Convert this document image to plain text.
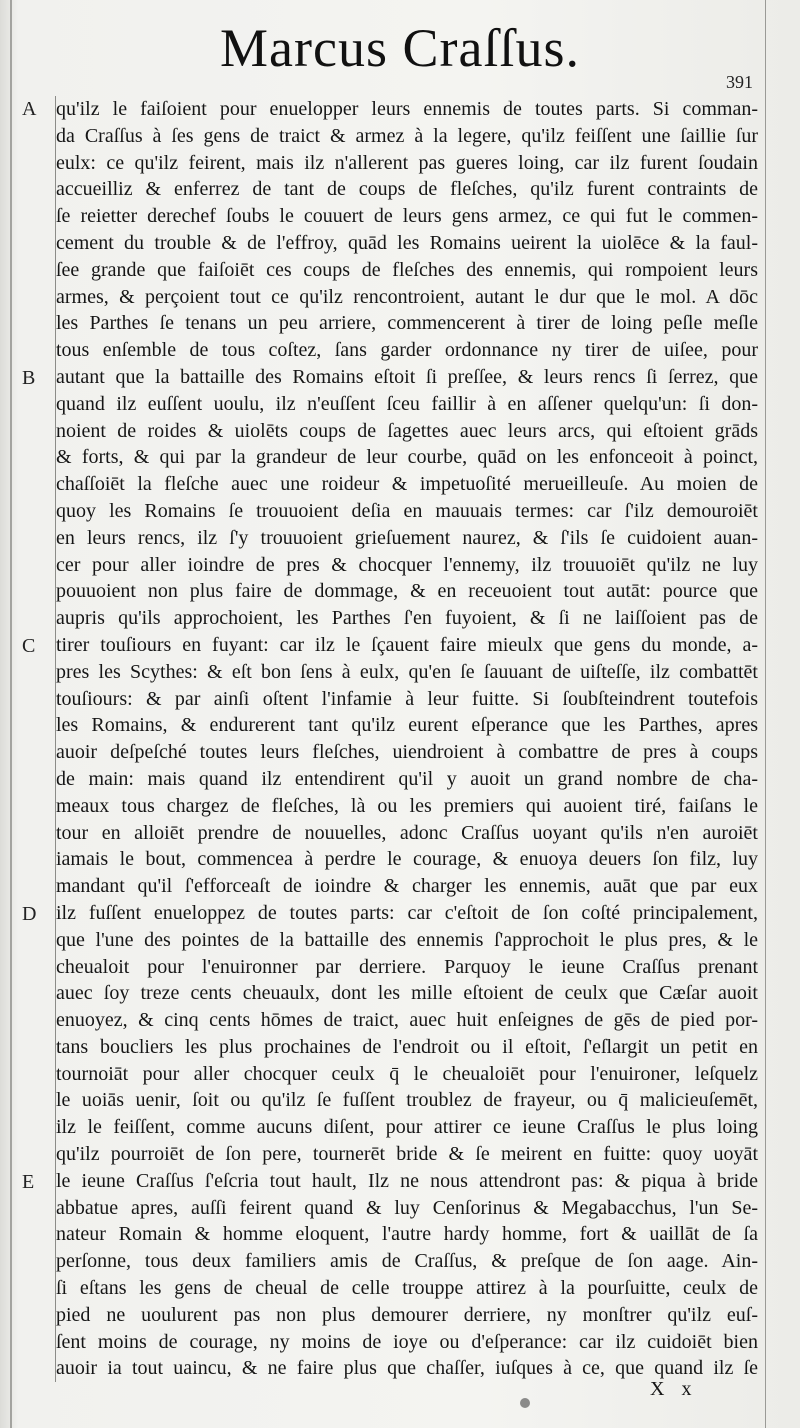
Marcus Craſſus.
391
A
B
C
D
E
qu'ilz le faiſoient pour enuelopper leurs ennemis de toutes parts. Si comman-
da Craſſus à ſes gens de traict & armez à la legere, qu'ilz feiſſent une ſaillie ſur
eulx: ce qu'ilz feirent, mais ilz n'allerent pas gueres loing, car ilz furent ſoudain
accueilliz & enferrez de tant de coups de fleſches, qu'ilz furent contraints de
ſe reietter derechef ſoubs le couuert de leurs gens armez, ce qui fut le commen-
cement du trouble & de l'effroy, quād les Romains ueirent la uiolēce & la faul-
ſee grande que faiſoiēt ces coups de fleſches des ennemis, qui rompoient leurs
armes, & perçoient tout ce qu'ilz rencontroient, autant le dur que le mol. A dōc
les Parthes ſe tenans un peu arriere, commencerent à tirer de loing peſle meſle
tous enſemble de tous coſtez, ſans garder ordonnance ny tirer de uiſee, pour
autant que la battaille des Romains eſtoit ſi preſſee, & leurs rencs ſi ſerrez, que
quand ilz euſſent uoulu, ilz n'euſſent ſceu faillir à en aſſener quelqu'un: ſi don-
noient de roides & uiolēts coups de ſagettes auec leurs arcs, qui eſtoient grāds
& forts, & qui par la grandeur de leur courbe, quād on les enfonceoit à poinct,
chaſſoiēt la fleſche auec une roideur & impetuoſité merueilleuſe. Au moien de
quoy les Romains ſe trouuoient deſia en mauuais termes: car ſ'ilz demouroiēt
en leurs rencs, ilz ſ'y trouuoient grieſuement naurez, & ſ'ils ſe cuidoient auan-
cer pour aller ioindre de pres & chocquer l'ennemy, ilz trouuoiēt qu'ilz ne luy
pouuoient non plus faire de dommage, & en receuoient tout autāt: pource que
aupris qu'ils approchoient, les Parthes ſ'en fuyoient, & ſi ne laiſſoient pas de
tirer touſiours en fuyant: car ilz le ſçauent faire mieulx que gens du monde, a-
pres les Scythes: & eſt bon ſens à eulx, qu'en ſe ſauuant de uiſteſſe, ilz combattēt
touſiours: & par ainſi oſtent l'infamie à leur fuitte. Si ſoubſteindrent toutefois
les Romains, & endurerent tant qu'ilz eurent eſperance que les Parthes, apres
auoir deſpeſché toutes leurs fleſches, uiendroient à combattre de pres à coups
de main: mais quand ilz entendirent qu'il y auoit un grand nombre de cha-
meaux tous chargez de fleſches, là ou les premiers qui auoient tiré, faiſans le
tour en alloiēt prendre de nouuelles, adonc Craſſus uoyant qu'ils n'en auroiēt
iamais le bout, commencea à perdre le courage, & enuoya deuers ſon filz, luy
mandant qu'il ſ'efforceaſt de ioindre & charger les ennemis, auāt que par eux
ilz fuſſent enueloppez de toutes parts: car c'eſtoit de ſon coſté principalement,
que l'une des pointes de la battaille des ennemis ſ'approchoit le plus pres, & le
cheualoit pour l'enuironner par derriere. Parquoy le ieune Craſſus prenant
auec ſoy treze cents cheuaulx, dont les mille eſtoient de ceulx que Cæſar auoit
enuoyez, & cinq cents hōmes de traict, auec huit enſeignes de gēs de pied por-
tans boucliers les plus prochaines de l'endroit ou il eſtoit, ſ'eſlargit un petit en
tournoiāt pour aller chocquer ceulx q̄ le cheualoiēt pour l'enuironer, leſquelz
le uoiās uenir, ſoit ou qu'ilz ſe fuſſent troublez de frayeur, ou q̄ malicieuſemēt,
ilz le feiſſent, comme aucuns diſent, pour attirer ce ieune Craſſus le plus loing
qu'ilz pourroiēt de ſon pere, tournerēt bride & ſe meirent en fuitte: quoy uoyāt
le ieune Craſſus ſ'eſcria tout hault, Ilz ne nous attendront pas: & piqua à bride
abbatue apres, auſſi feirent quand & luy Cenſorinus & Megabacchus, l'un Se-
nateur Romain & homme eloquent, l'autre hardy homme, fort & uaillāt de ſa
perſonne, tous deux familiers amis de Craſſus, & preſque de ſon aage. Ain-
ſi eſtans les gens de cheual de celle trouppe attirez à la pourſuitte, ceulx de
pied ne uoulurent pas non plus demourer derriere, ny monſtrer qu'ilz euſ-
ſent moins de courage, ny moins de ioye ou d'eſperance: car ilz cuidoiēt bien
auoir ia tout uaincu, & ne faire plus que chaſſer, iuſques à ce, que quand ilz ſe
X x
